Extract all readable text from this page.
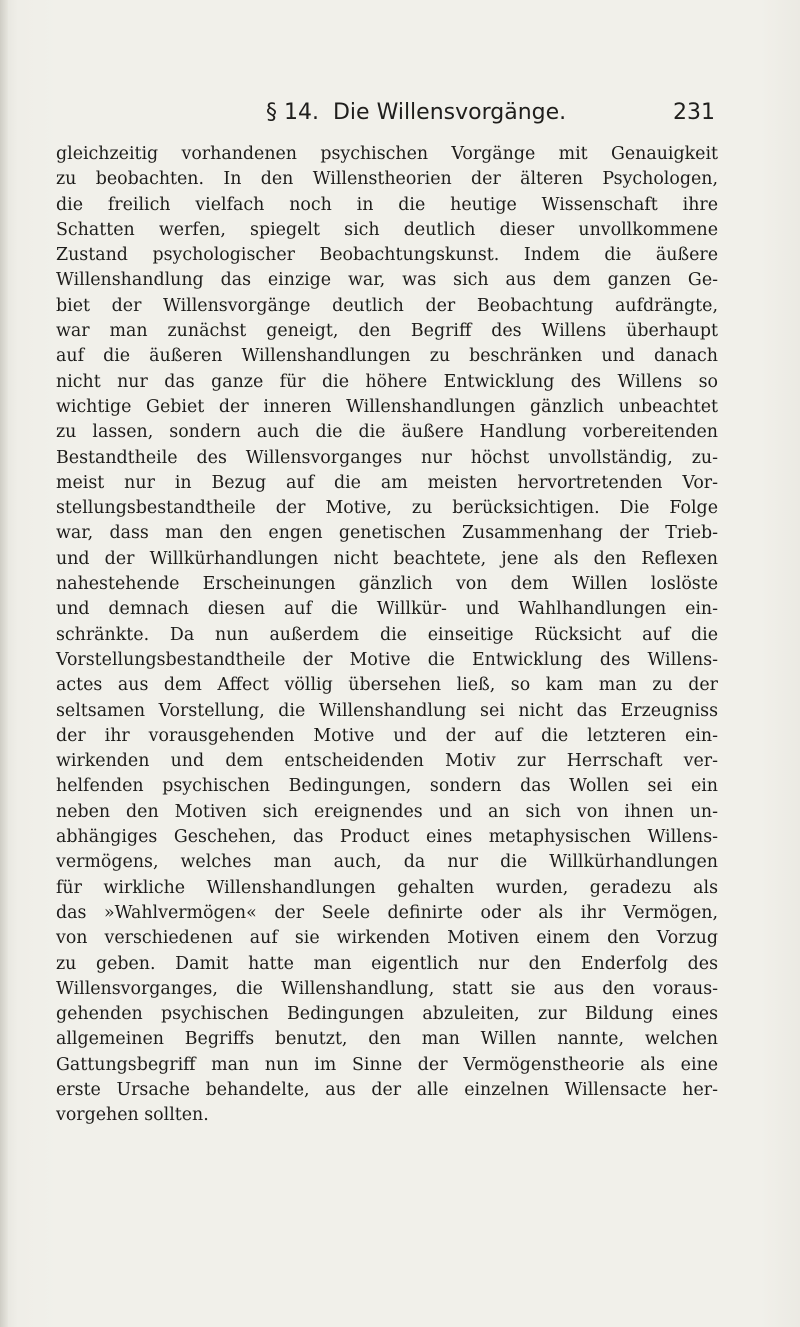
§ 14. Die Willensvorgänge.	231
gleichzeitig vorhandenen psychischen Vorgänge mit Genauigkeit
zu beobachten. In den Willenstheorien der älteren Psychologen,
die freilich vielfach noch in die heutige Wissenschaft ihre
Schatten werfen, spiegelt sich deutlich dieser unvollkommene
Zustand psychologischer Beobachtungskunst. Indem die äußere
Willenshandlung das einzige war, was sich aus dem ganzen Ge-
biet der Willensvorgänge deutlich der Beobachtung aufdrängte,
war man zunächst geneigt, den Begriff des Willens überhaupt
auf die äußeren Willenshandlungen zu beschränken und danach
nicht nur das ganze für die höhere Entwicklung des Willens so
wichtige Gebiet der inneren Willenshandlungen gänzlich unbeachtet
zu lassen, sondern auch die die äußere Handlung vorbereitenden
Bestandtheile des Willensvorganges nur höchst unvollständig, zu-
meist nur in Bezug auf die am meisten hervortretenden Vor-
stellungsbestandtheile der Motive, zu berücksichtigen. Die Folge
war, dass man den engen genetischen Zusammenhang der Trieb-
und der Willkürhandlungen nicht beachtete, jene als den Reflexen
nahestehende Erscheinungen gänzlich von dem Willen loslöste
und demnach diesen auf die Willkür- und Wahlhandlungen ein-
schränkte. Da nun außerdem die einseitige Rücksicht auf die
Vorstellungsbestandtheile der Motive die Entwicklung des Willens-
actes aus dem Affect völlig übersehen ließ, so kam man zu der
seltsamen Vorstellung, die Willenshandlung sei nicht das Erzeugniss
der ihr vorausgehenden Motive und der auf die letzteren ein-
wirkenden und dem entscheidenden Motiv zur Herrschaft ver-
helfenden psychischen Bedingungen, sondern das Wollen sei ein
neben den Motiven sich ereignendes und an sich von ihnen un-
abhängiges Geschehen, das Product eines metaphysischen Willens-
vermögens, welches man auch, da nur die Willkürhandlungen
für wirkliche Willenshandlungen gehalten wurden, geradezu als
das »Wahlvermögen« der Seele definirte oder als ihr Vermögen,
von verschiedenen auf sie wirkenden Motiven einem den Vorzug
zu geben. Damit hatte man eigentlich nur den Enderfolg des
Willensvorganges, die Willenshandlung, statt sie aus den voraus-
gehenden psychischen Bedingungen abzuleiten, zur Bildung eines
allgemeinen Begriffs benutzt, den man Willen nannte, welchen
Gattungsbegriff man nun im Sinne der Vermögenstheorie als eine
erste Ursache behandelte, aus der alle einzelnen Willensacte her-
vorgehen sollten.
